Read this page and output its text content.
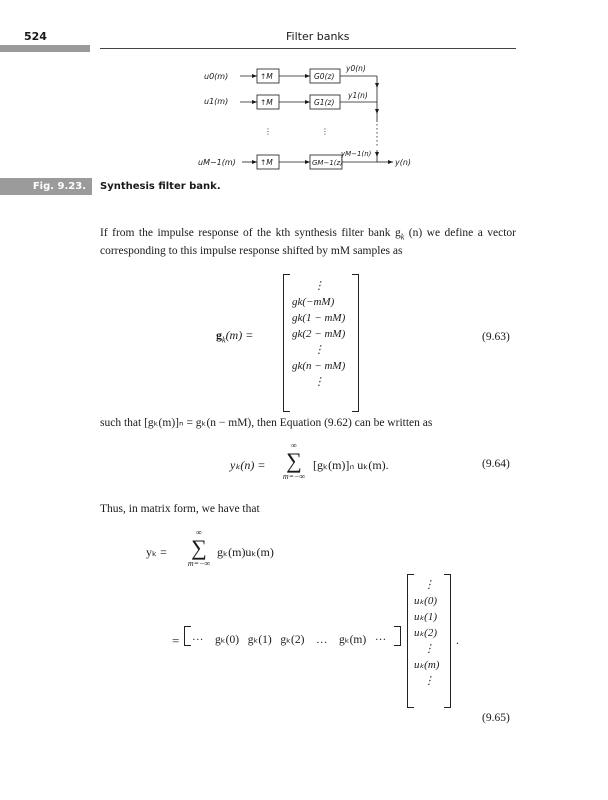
524	Filter banks
u0(m)	↑M	G0(z)
y0(n)
u1(m)	↑M	G1(z)
y1(n)
⋮	⋮
uM−1(m)	↑M	GM−1(z)
yM−1(n)
y(n)
Fig. 9.23.	Synthesis filter bank.
If from the impulse response of the kth synthesis filter bank $g_k$ (n) we define a vector corresponding to this impulse response shifted by mM samples as
$g_k(m)$ =
⋮
gk(−mM)
gk(1 − mM)
gk(2 − mM)
⋮
gk(n − mM)
⋮
(9.63)
such that [gₖ(m)]ₙ = gₖ(n − mM), then Equation (9.62) can be written as
yₖ(n) =
∞
∑
m=−∞
[gₖ(m)]ₙ uₖ(m).	(9.64)
Thus, in matrix form, we have that
yₖ =
∞
∑
m=−∞
gₖ(m)uₖ(m)
= ··· gₖ(0) gₖ(1) gₖ(2) … gₖ(m) ···
⋮
uₖ(0)
uₖ(1)
uₖ(2)
⋮
uₖ(m)
⋮
.
(9.65)
